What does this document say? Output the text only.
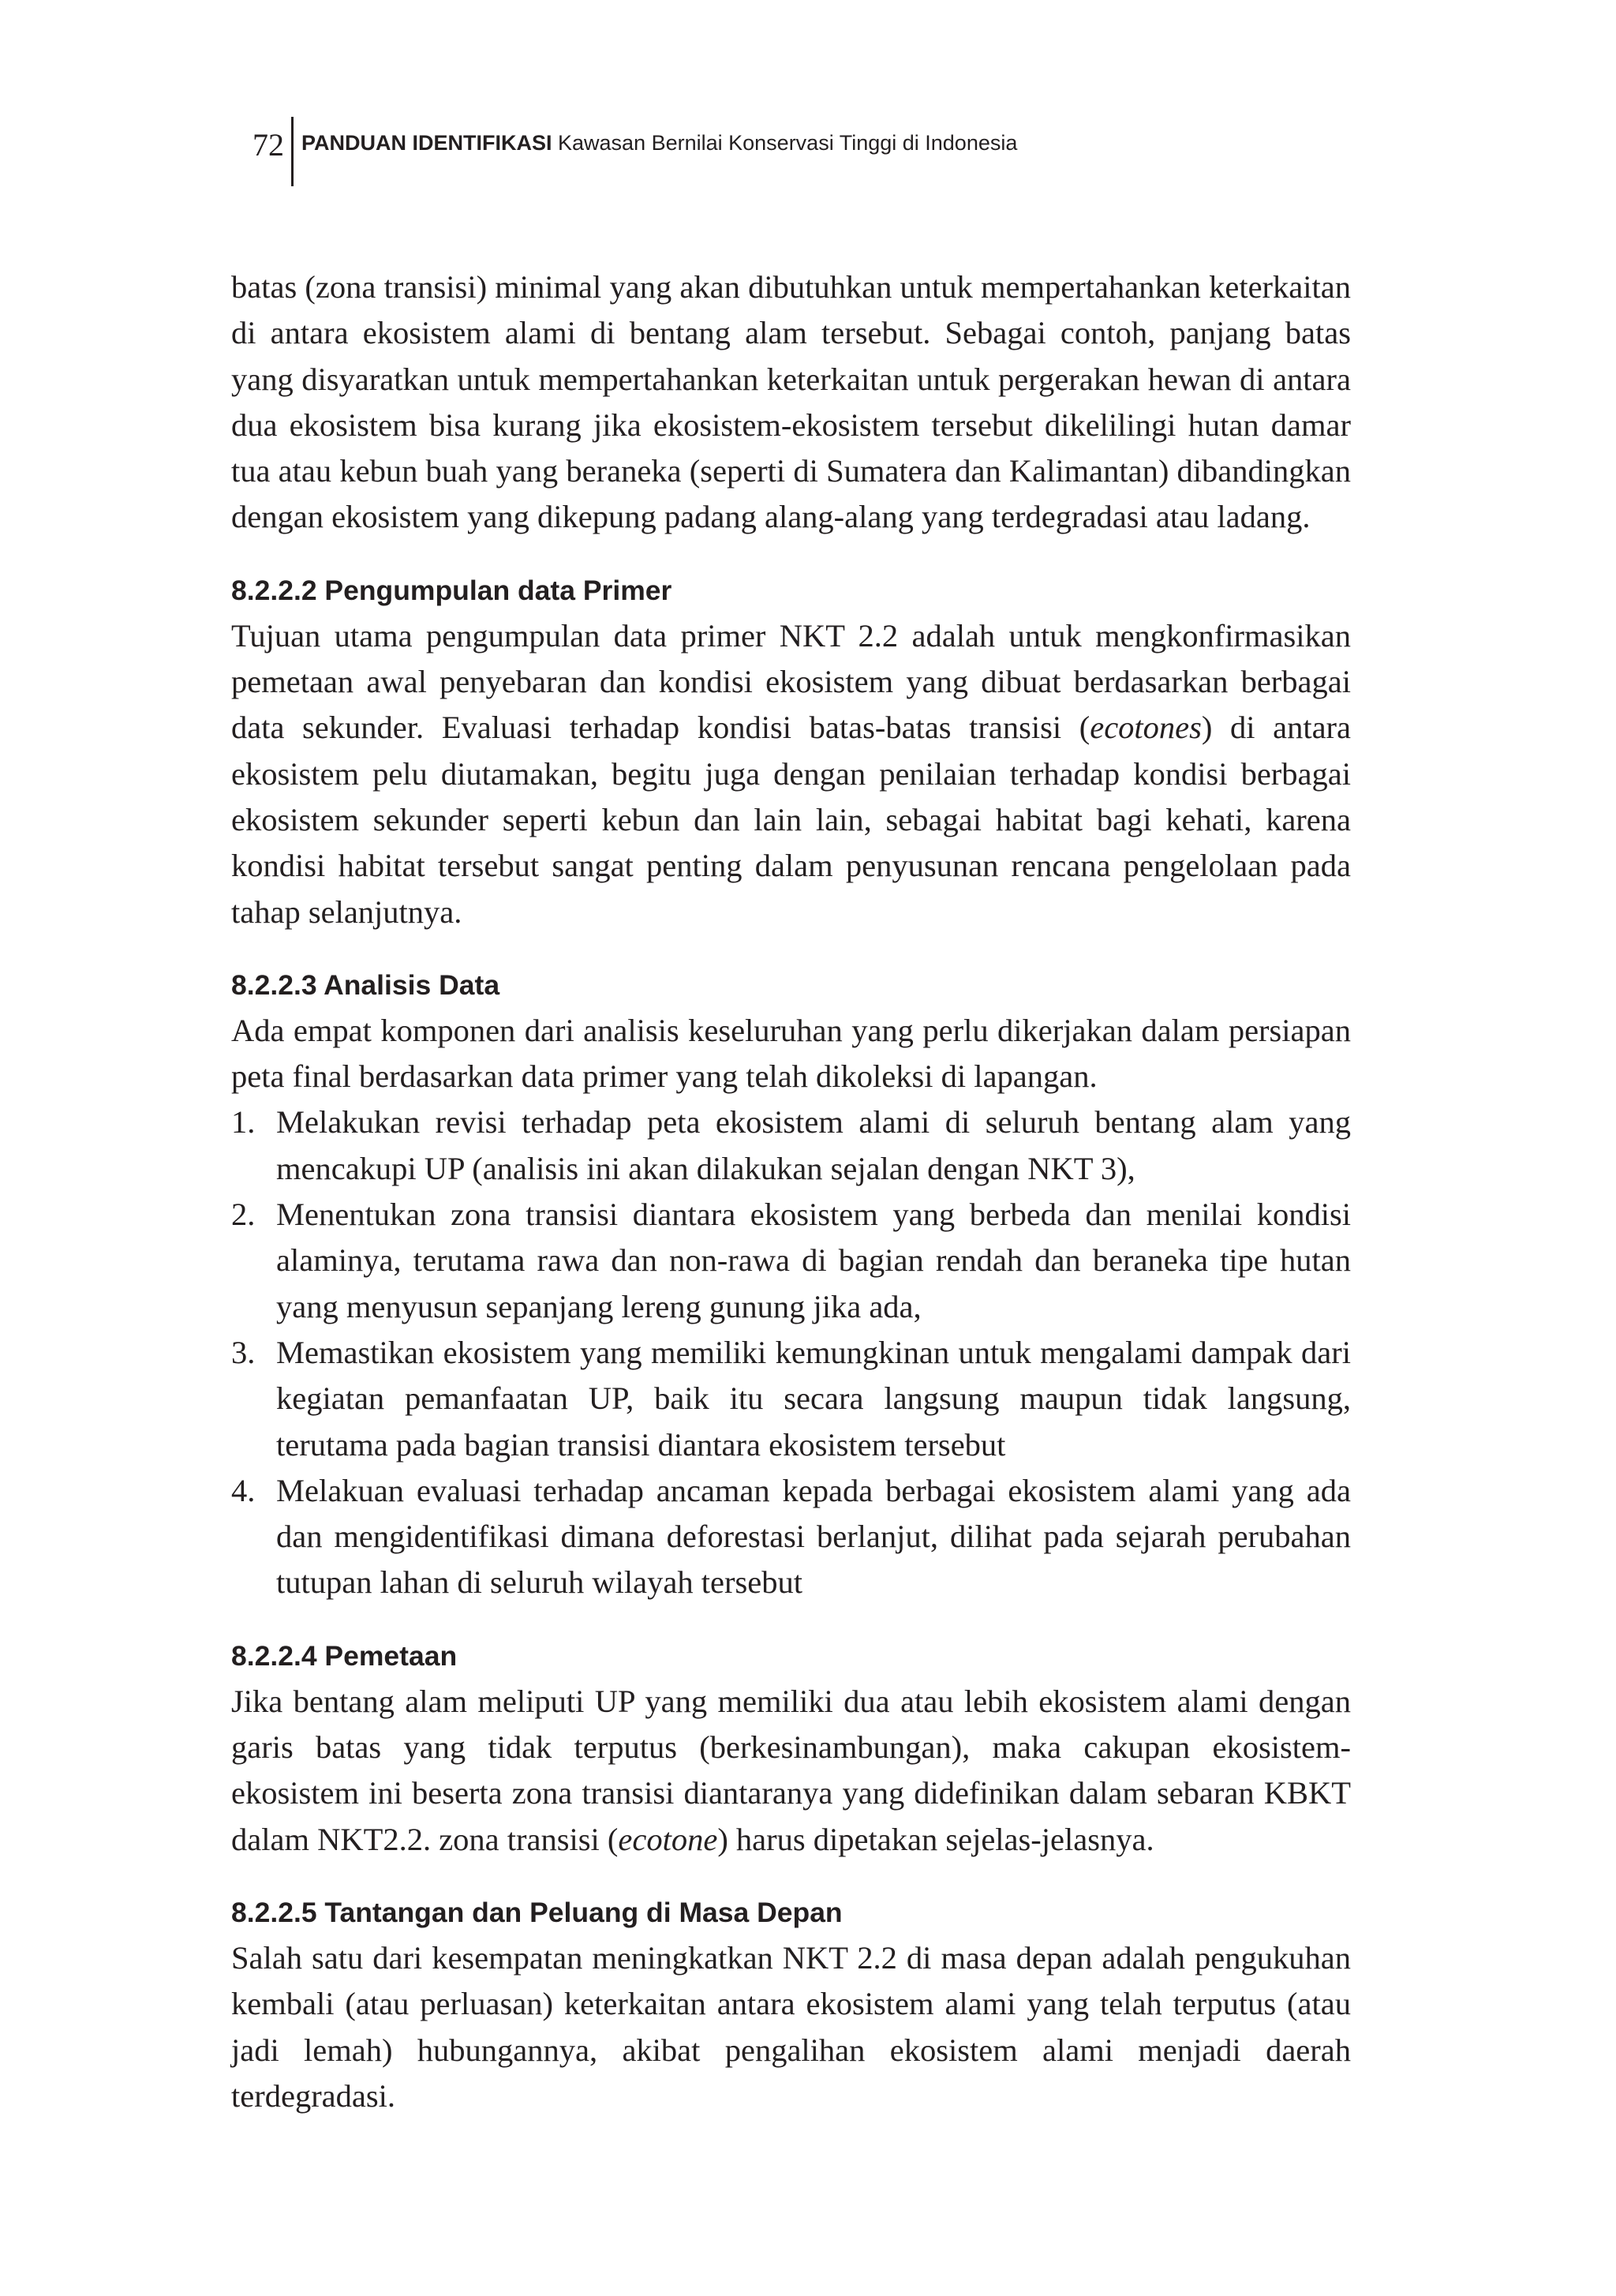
72 PANDUAN IDENTIFIKASI Kawasan Bernilai Konservasi Tinggi di Indonesia

batas (zona transisi) minimal yang akan dibutuhkan untuk mempertahankan keterkaitan di antara ekosistem alami di bentang alam tersebut. Sebagai contoh, panjang batas yang disyaratkan untuk mempertahankan keterkaitan untuk pergerakan hewan di antara dua ekosistem bisa kurang jika ekosistem-ekosistem tersebut dikelilingi hutan damar tua atau kebun buah yang beraneka (seperti di Sumatera dan Kalimantan) dibandingkan dengan ekosistem yang dikepung padang alang-alang yang terdegradasi atau ladang.

8.2.2.2 Pengumpulan data Primer

Tujuan utama pengumpulan data primer NKT 2.2 adalah untuk mengkonfirmasikan pemetaan awal penyebaran dan kondisi ekosistem yang dibuat berdasarkan berbagai data sekunder. Evaluasi terhadap kondisi batas-batas transisi (ecotones) di antara ekosistem pelu diutamakan, begitu juga dengan penilaian terhadap kondisi berbagai ekosistem sekunder seperti kebun dan lain lain, sebagai habitat bagi kehati, karena kondisi habitat tersebut sangat penting dalam penyusunan rencana pengelolaan pada tahap selanjutnya.

8.2.2.3 Analisis Data

Ada empat komponen dari analisis keseluruhan yang perlu dikerjakan dalam persiapan peta final berdasarkan data primer yang telah dikoleksi di lapangan.

1. Melakukan revisi terhadap peta ekosistem alami di seluruh bentang alam yang mencakupi UP (analisis ini akan dilakukan sejalan dengan NKT 3),
2. Menentukan zona transisi diantara ekosistem yang berbeda dan menilai kondisi alaminya, terutama rawa dan non-rawa di bagian rendah dan beraneka tipe hutan yang menyusun sepanjang lereng gunung jika ada,
3. Memastikan ekosistem yang memiliki kemungkinan untuk mengalami dampak dari kegiatan pemanfaatan UP, baik itu secara langsung maupun tidak langsung, terutama pada bagian transisi diantara ekosistem tersebut
4. Melakuan evaluasi terhadap ancaman kepada berbagai ekosistem alami yang ada dan mengidentifikasi dimana deforestasi berlanjut, dilihat pada sejarah perubahan tutupan lahan di seluruh wilayah tersebut
8.2.2.4 Pemetaan

Jika bentang alam meliputi UP yang memiliki dua atau lebih ekosistem alami dengan garis batas yang tidak terputus (berkesinambungan), maka cakupan ekosistem-ekosistem ini beserta zona transisi diantaranya yang didefinikan dalam sebaran KBKT dalam NKT2.2. zona transisi (ecotone) harus dipetakan sejelas-jelasnya.

8.2.2.5 Tantangan dan Peluang di Masa Depan

Salah satu dari kesempatan meningkatkan NKT 2.2 di masa depan adalah pengukuhan kembali (atau perluasan) keterkaitan antara ekosistem alami yang telah terputus (atau jadi lemah) hubungannya, akibat pengalihan ekosistem alami menjadi daerah terdegradasi.
